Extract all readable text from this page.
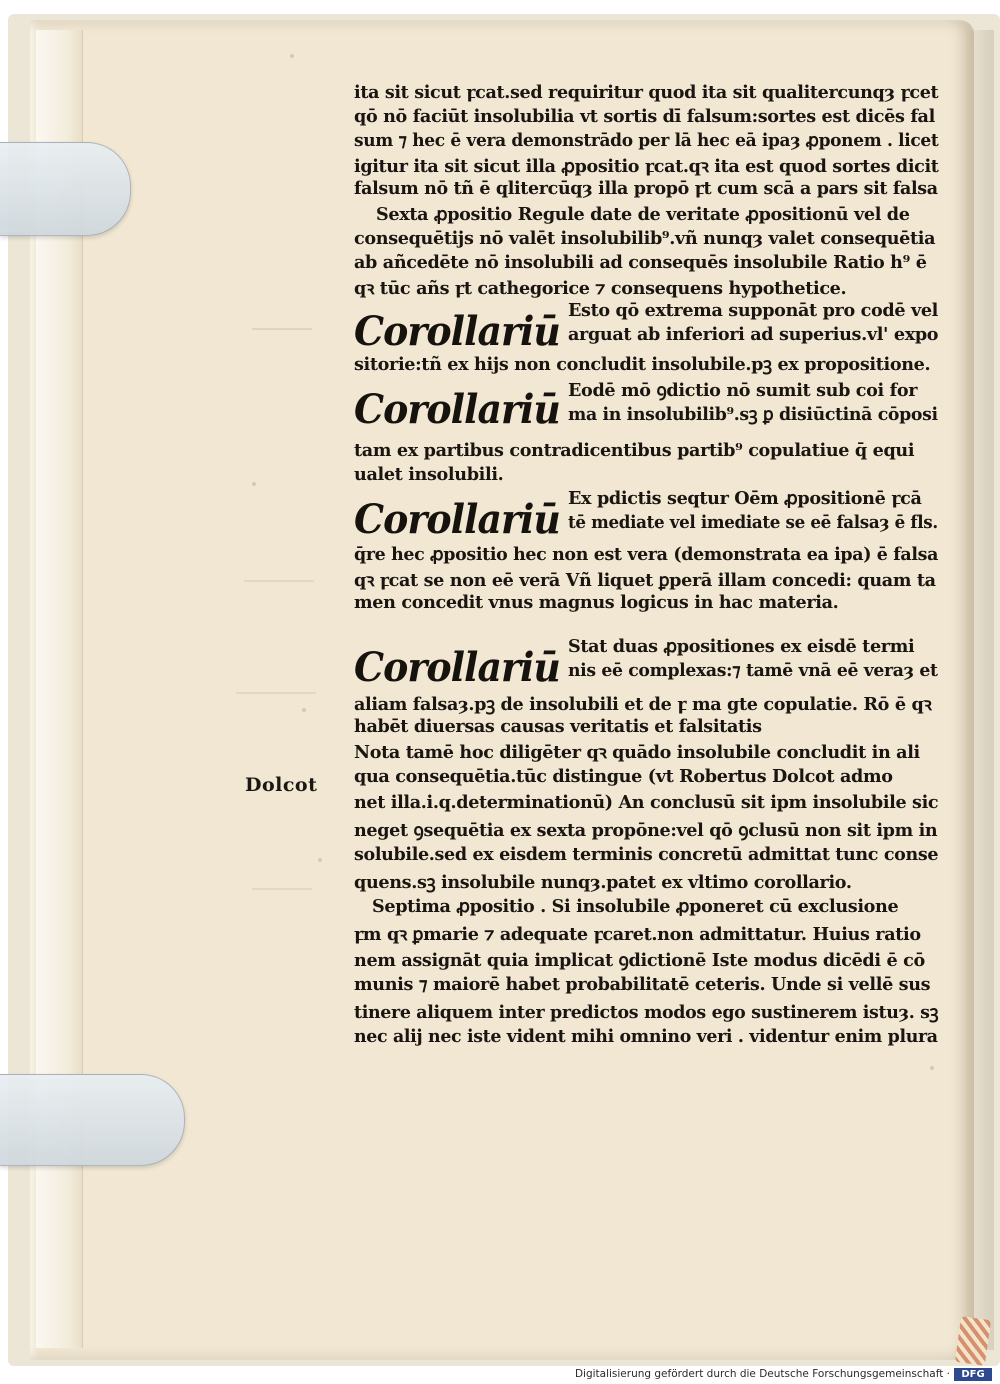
Dolcot
ita sit sicut ꝼcat.sed requiritur quod ita sit qualitercunqȝ ꝼcet
qō nō faciūt insolubilia vt sortis dī falsum:sortes est dicēs fal
sum ⁊ hec ē vera demonstrādo per lā hec eā ipaȝ ꝓponem . licet
igitur ita sit sicut illa ꝓpositio ꝼcat.qꝛ ita est quod sortes dicit
falsum nō tñ ē qlitercūqȝ illa propō ꝼt cum scā a pars sit falsa
Sexta ꝓpositio Regule date de veritate ꝓpositionū vel de
consequētijs nō valēt insolubilib⁹.vñ nunqȝ valet consequētia
ab añcedēte nō insolubili ad consequēs insolubile Ratio h⁹ ē
qꝛ tūc añs ꝼt cathegorice ⁊ consequens hypothetice.
Corollariū Esto qō extrema supponāt pro codē vel
arguat ab inferiori ad superius.vl' expo
sitorie:tñ ex hijs non concludit insolubile.pꝫ ex propositione.
Corollariū Eodē mō ꝯdictio nō sumit sub coi for
ma in insolubilib⁹.sꝫ ꝑ disiūctinā cōposi
tam ex partibus contradicentibus partib⁹ copulatiue q̄ equi
ualet insolubili.
Corollariū Ex pdictis seqtur Oēm ꝓpositionē ꝼcā
tē mediate vel imediate se eē falsaȝ ē fls.
q̄re hec ꝓpositio hec non est vera (demonstrata ea ipa) ē falsa
qꝛ ꝼcat se non eē verā Vñ liquet ꝑperā illam concedi: quam ta
men concedit vnus magnus logicus in hac materia.
Corollariū Stat duas ꝓpositiones ex eisdē termi
nis eē complexas:⁊ tamē vnā eē veraȝ et
aliam falsaȝ.pꝫ de insolubili et de ꝼ ma gte copulatie. Rō ē qꝛ
habēt diuersas causas veritatis et falsitatis
Nota tamē hoc diligēter qꝛ quādo insolubile concludit in ali
qua consequētia.tūc distingue (vt Robertus Dolcot admo
net illa.i.q.determinationū) An conclusū sit ipm insolubile sic
neget ꝯsequētia ex sexta propōne:vel qō ꝯclusū non sit ipm in
solubile.sed ex eisdem terminis concretū admittat tunc conse
quens.sꝫ insolubile nunqȝ.patet ex vltimo corollario.
Septima ꝓpositio . Si insolubile ꝓponeret cū exclusione
ꝼm qꝛ ꝑmarie ⁊ adequate ꝼcaret.non admittatur. Huius ratio
nem assignāt quia implicat ꝯdictionē Iste modus dicēdi ē cō
munis ⁊ maiorē habet probabilitatē ceteris. Unde si vellē sus
tinere aliquem inter predictos modos ego sustinerem istuȝ. sꝫ
nec alij nec iste vident mihi omnino veri . videntur enim plura
Digitalisierung gefördert durch die Deutsche Forschungsgemeinschaft ·	DFG
